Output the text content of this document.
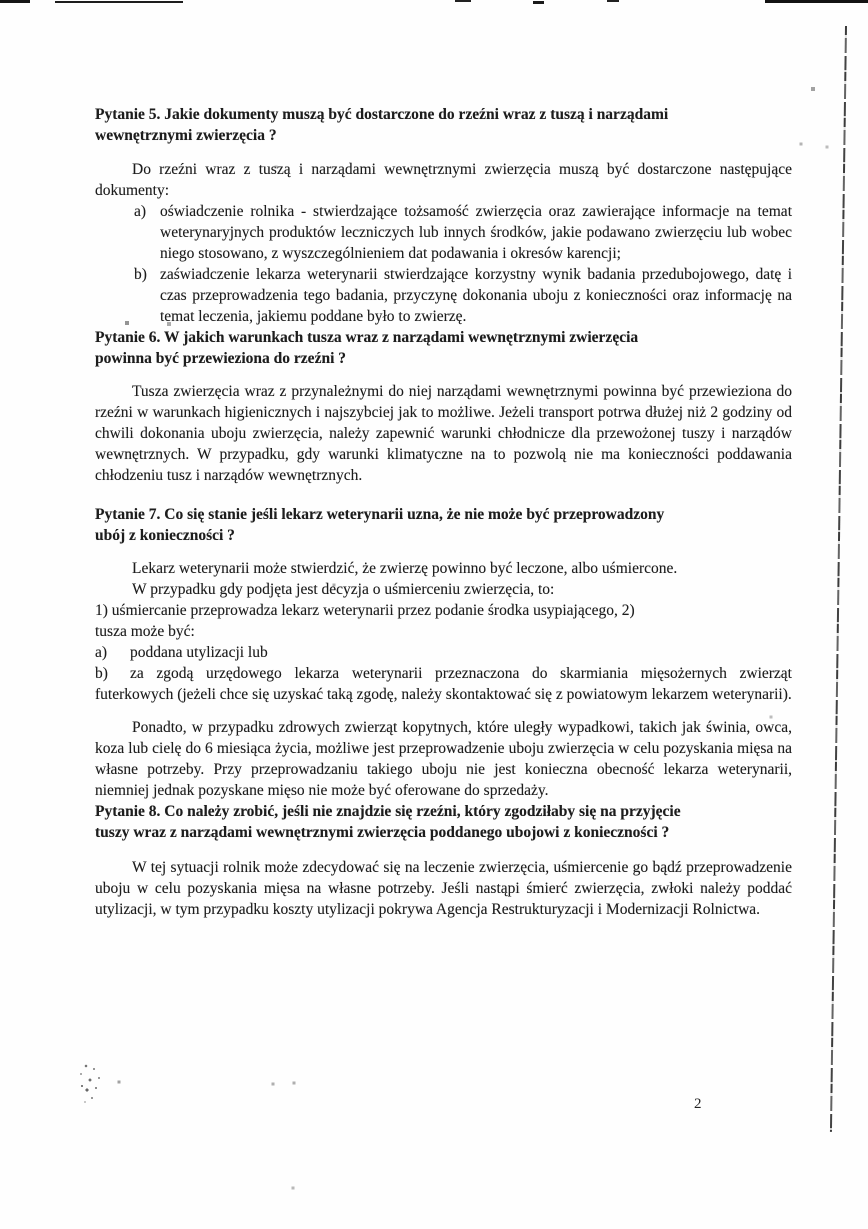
Pytanie 5. Jakie dokumenty muszą być dostarczone do rzeźni wraz z tuszą i narządami
wewnętrznymi zwierzęcia ?

Do rzeźni wraz z tuszą i narządami wewnętrznymi zwierzęcia muszą być dostarczone następujące dokumenty:

a) oświadczenie rolnika - stwierdzające tożsamość zwierzęcia oraz zawierające informacje na temat weterynaryjnych produktów leczniczych lub innych środków, jakie podawano zwierzęciu lub wobec niego stosowano, z wyszczególnieniem dat podawania i okresów karencji;
b) zaświadczenie lekarza weterynarii stwierdzające korzystny wynik badania przedubojowego, datę i czas przeprowadzenia tego badania, przyczynę dokonania uboju z konieczności oraz informację na temat leczenia, jakiemu poddane było to zwierzę.
Pytanie 6. W jakich warunkach tusza wraz z narządami wewnętrznymi zwierzęcia
powinna być przewieziona do rzeźni ?

Tusza zwierzęcia wraz z przynależnymi do niej narządami wewnętrznymi powinna być przewieziona do rzeźni w warunkach higienicznych i najszybciej jak to możliwe. Jeżeli transport potrwa dłużej niż 2 godziny od chwili dokonania uboju zwierzęcia, należy zapewnić warunki chłodnicze dla przewożonej tuszy i narządów wewnętrznych. W przypadku, gdy warunki klimatyczne na to pozwolą nie ma konieczności poddawania chłodzeniu tusz i narządów wewnętrznych.

Pytanie 7. Co się stanie jeśli lekarz weterynarii uzna, że nie może być przeprowadzony
ubój z konieczności ?

Lekarz weterynarii może stwierdzić, że zwierzę powinno być leczone, albo uśmiercone.

W przypadku gdy podjęta jest decyzja o uśmierceniu zwierzęcia, to:

1) uśmiercanie przeprowadza lekarz weterynarii przez podanie środka usypiającego, 2)

tusza może być:

a) poddana utylizacji lub

b) za zgodą urzędowego lekarza weterynarii przeznaczona do skarmiania mięsożernych zwierząt futerkowych (jeżeli chce się uzyskać taką zgodę, należy skontaktować się z powiatowym lekarzem weterynarii).

Ponadto, w przypadku zdrowych zwierząt kopytnych, które uległy wypadkowi, takich jak świnia, owca, koza lub cielę do 6 miesiąca życia, możliwe jest przeprowadzenie uboju zwierzęcia w celu pozyskania mięsa na własne potrzeby. Przy przeprowadzaniu takiego uboju nie jest konieczna obecność lekarza weterynarii, niemniej jednak pozyskane mięso nie może być oferowane do sprzedaży.

Pytanie 8. Co należy zrobić, jeśli nie znajdzie się rzeźni, który zgodziłaby się na przyjęcie
tuszy wraz z narządami wewnętrznymi zwierzęcia poddanego ubojowi z konieczności ?

W tej sytuacji rolnik może zdecydować się na leczenie zwierzęcia, uśmiercenie go bądź przeprowadzenie uboju w celu pozyskania mięsa na własne potrzeby. Jeśli nastąpi śmierć zwierzęcia, zwłoki należy poddać utylizacji, w tym przypadku koszty utylizacji pokrywa Agencja Restrukturyzacji i Modernizacji Rolnictwa.

2
